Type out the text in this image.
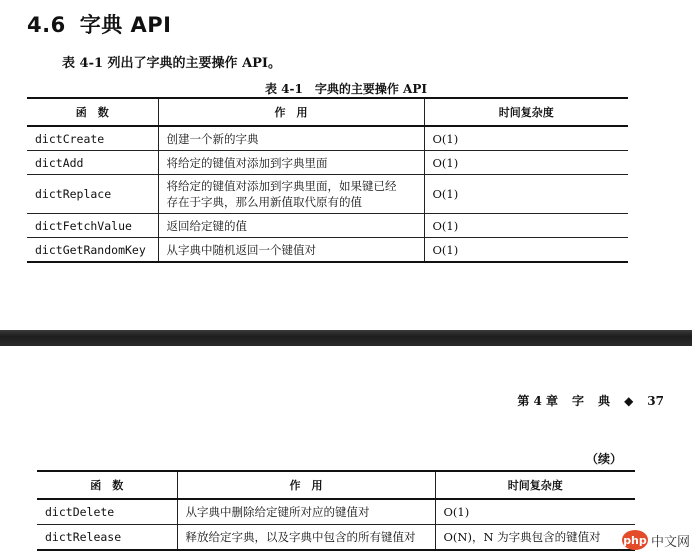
4.6 字典 API
表 4-1 列出了字典的主要操作 API。
表 4-1 字典的主要操作 API
函　数	作　用	时间复杂度
dictCreate	创建一个新的字典	O(1)
dictAdd	将给定的键值对添加到字典里面	O(1)
dictReplace	将给定的键值对添加到字典里面，如果键已经
存在于字典，那么用新值取代原有的值	O(1)
dictFetchValue	返回给定键的值	O(1)
dictGetRandomKey	从字典中随机返回一个键值对	O(1)
第 4 章 字 典 ◆ 37
（续）
函　数	作　用	时间复杂度
dictDelete	从字典中删除给定键所对应的键值对	O(1)
dictRelease	释放给定字典，以及字典中包含的所有键值对	O(N)，N 为字典包含的键值对 php 中文网
